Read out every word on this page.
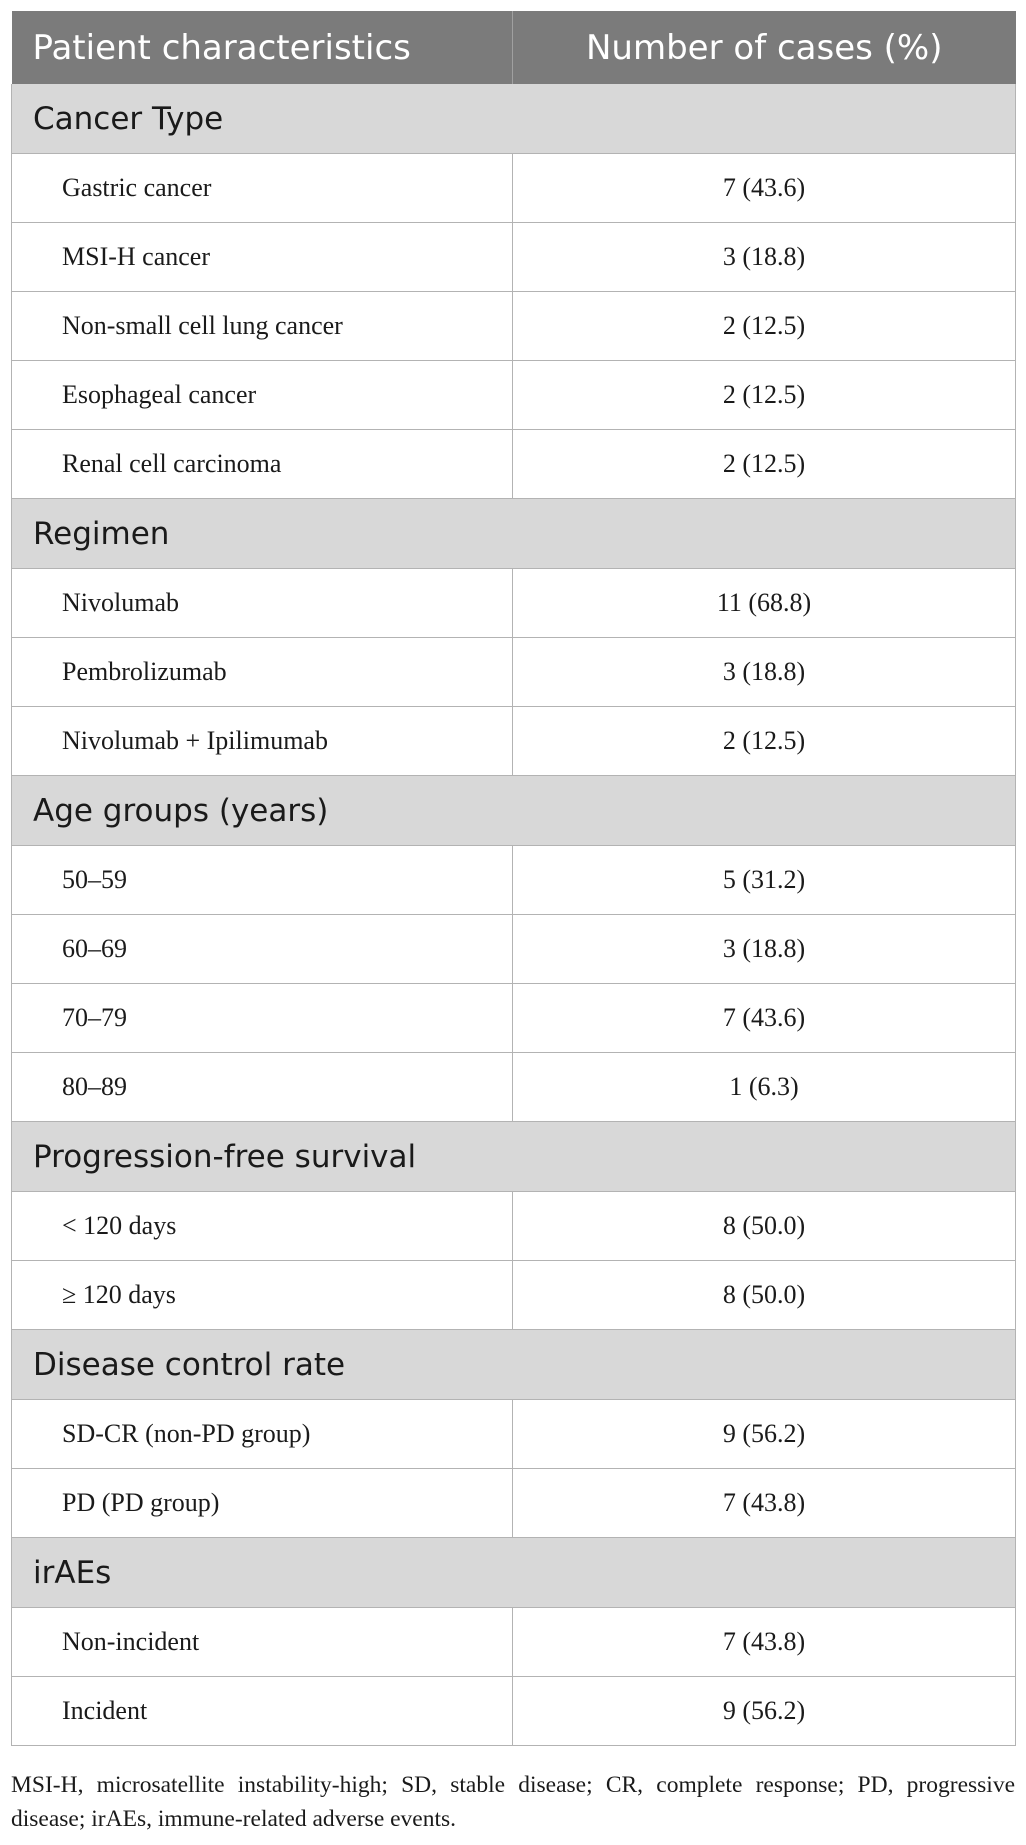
Patient characteristics	Number of cases (%)
Cancer Type	
Gastric cancer	7 (43.6)
MSI-H cancer	3 (18.8)
Non-small cell lung cancer	2 (12.5)
Esophageal cancer	2 (12.5)
Renal cell carcinoma	2 (12.5)
Regimen	
Nivolumab	11 (68.8)
Pembrolizumab	3 (18.8)
Nivolumab + Ipilimumab	2 (12.5)
Age groups (years)	
50–59	5 (31.2)
60–69	3 (18.8)
70–79	7 (43.6)
80–89	1 (6.3)
Progression-free survival	
< 120 days	8 (50.0)
≥ 120 days	8 (50.0)
Disease control rate	
SD-CR (non-PD group)	9 (56.2)
PD (PD group)	7 (43.8)
irAEs	
Non-incident	7 (43.8)
Incident	9 (56.2)

MSI-H, microsatellite instability-high; SD, stable disease; CR, complete response; PD, progressive disease; irAEs, immune-related adverse events.
